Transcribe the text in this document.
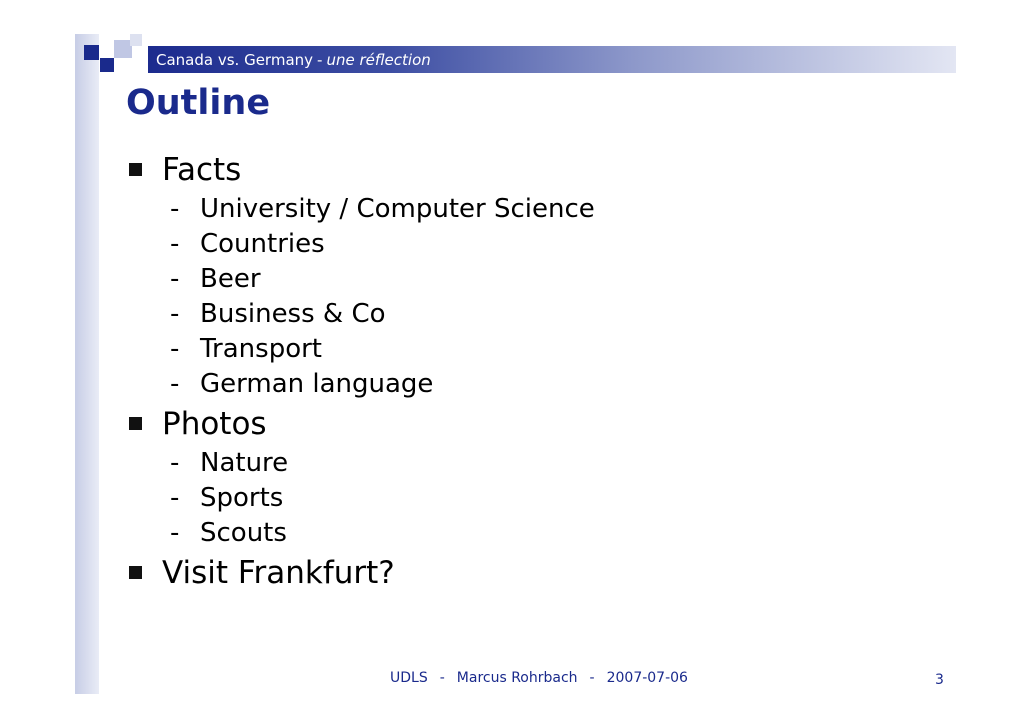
Canada vs. Germany - une réflection
Outline
Facts
- University / Computer Science
- Countries
- Beer
- Business & Co
- Transport
- German language
Photos
- Nature
- Sports
- Scouts
Visit Frankfurt?
UDLS - Marcus Rohrbach - 2007-07-06	3
